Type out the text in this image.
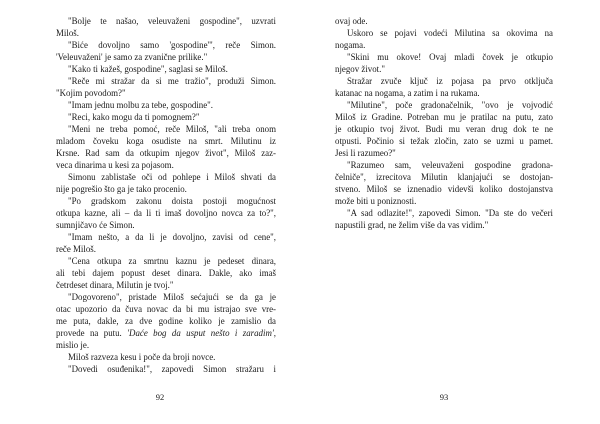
"Bolje te našao, veleuvaženi gospodine", uzvrati
Miloš.
"Biće dovoljno samo 'gospodine'", reče Simon.
'Veleuvaženi' je samo za zvanične prilike."
"Kako ti kažeš, gospodine", saglasi se Miloš.
"Reče mi stražar da si me tražio", produži Simon.
"Kojim povodom?"
"Imam jednu molbu za tebe, gospodine".
"Reci, kako mogu da ti pomognem?"
"Meni ne treba pomoć, reče Miloš, "ali treba onom
mladom čoveku koga osudiste na smrt. Milutinu iz
Krsne. Rad sam da otkupim njegov život", Miloš zaz-
veca dinarima u kesi za pojasom.
Simonu zablistaše oči od pohlepe i Miloš shvati da
nije pogrešio što ga je tako procenio.
"Po gradskom zakonu doista postoji mogućnost
otkupa kazne, ali – da li ti imaš dovoljno novca za to?",
sumnjičavo će Simon.
"Imam nešto, a da li je dovoljno, zavisi od cene",
reče Miloš.
"Cena otkupa za smrtnu kaznu je pedeset dinara,
ali tebi dajem popust deset dinara. Dakle, ako imaš
četrdeset dinara, Milutin je tvoj."
"Dogovoreno", pristade Miloš sećajući se da ga je
otac upozorio da čuva novac da bi mu istrajao sve vre-
me puta, dakle, za dve godine koliko je zamislio da
provede na putu. 'Daće bog da usput nešto i zaradim',
mislio je.
Miloš razveza kesu i poče da broji novce.
"Dovedi osuđenika!", zapovedi Simon stražaru i
92
ovaj ode.
Uskoro se pojavi vodeći Milutina sa okovima na
nogama.
"Skini mu okove! Ovaj mladi čovek je otkupio
njegov život."
Stražar zvuče ključ iz pojasa pa prvo otključa
katanac na nogama, a zatim i na rukama.
"Milutine", poče gradonačelnik, "ovo je vojvodić
Miloš iz Gradine. Potreban mu je pratilac na putu, zato
je otkupio tvoj život. Budi mu veran drug dok te ne
otpusti. Počinio si težak zločin, zato se uzmi u pamet.
Jesi li razumeo?"
"Razumeo sam, veleuvaženi gospodine gradona-
čelniče", izrecitova Milutin klanjajući se dostojan-
stveno. Miloš se iznenadio videvši koliko dostojanstva
može biti u poniznosti.
"A sad odlazite!", zapovedi Simon. "Da ste do večeri
napustili grad, ne želim više da vas vidim."
93
